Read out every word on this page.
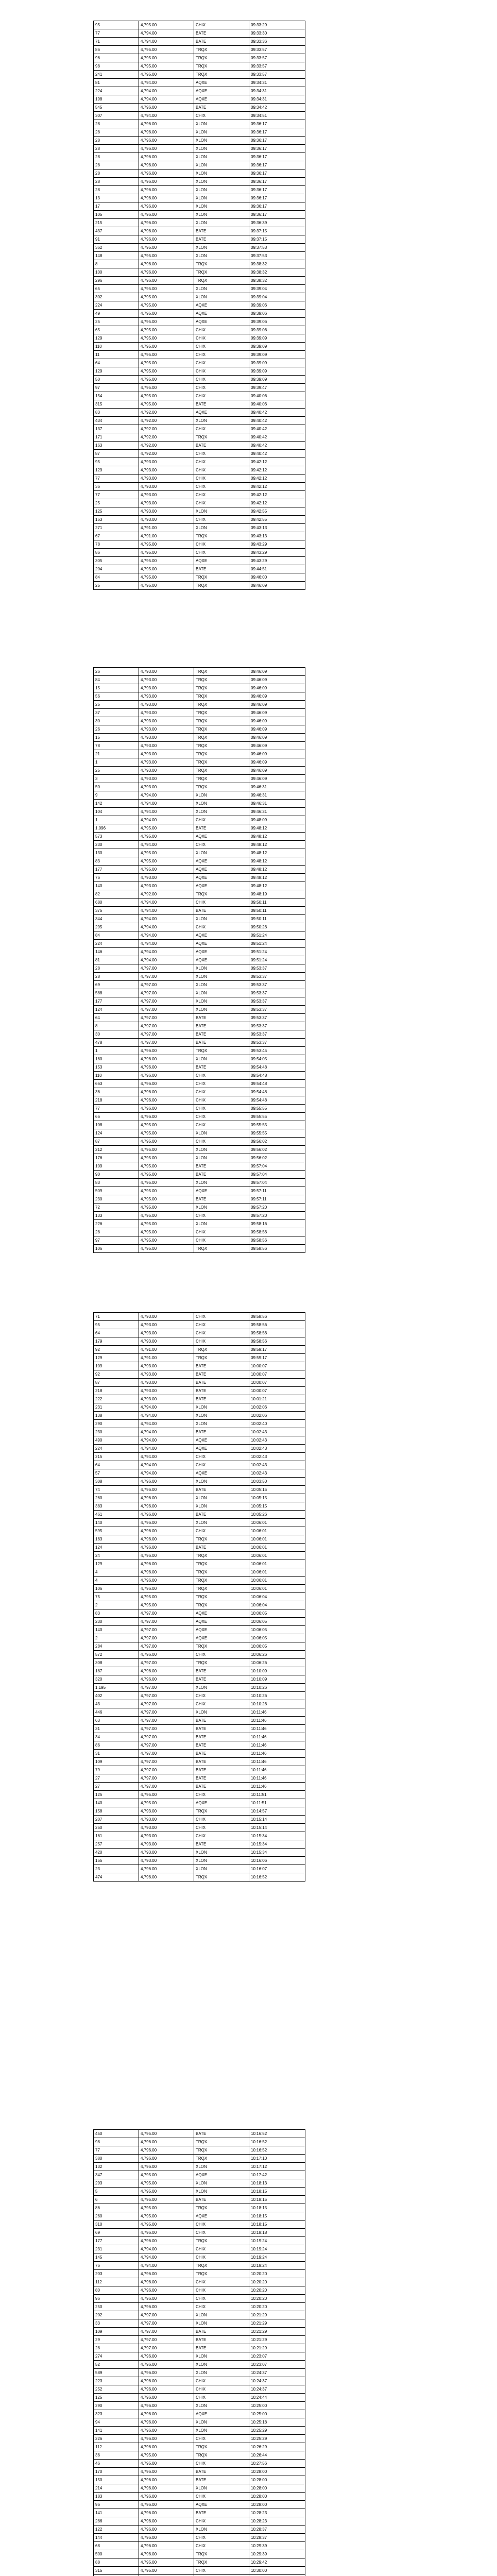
95	4,795.00	CHIX	09:33:29
77	4,794.00	BATE	09:33:30
71	4,794.00	BATE	09:33:36
86	4,795.00	TRQX	09:33:57
96	4,795.00	TRQX	09:33:57
98	4,795.00	TRQX	09:33:57
241	4,795.00	TRQX	09:33:57
81	4,794.00	AQXE	09:34:31
224	4,794.00	AQXE	09:34:31
198	4,794.00	AQXE	09:34:31
545	4,796.00	BATE	09:34:42
307	4,794.00	CHIX	09:34:51
28	4,796.00	XLON	09:36:17
28	4,796.00	XLON	09:36:17
28	4,796.00	XLON	09:36:17
28	4,796.00	XLON	09:36:17
28	4,796.00	XLON	09:36:17
28	4,796.00	XLON	09:36:17
28	4,796.00	XLON	09:36:17
28	4,796.00	XLON	09:36:17
28	4,796.00	XLON	09:36:17
13	4,796.00	XLON	09:36:17
17	4,796.00	XLON	09:36:17
105	4,796.00	XLON	09:36:17
215	4,796.00	XLON	09:36:39
437	4,796.00	BATE	09:37:15
91	4,796.00	BATE	09:37:15
362	4,795.00	XLON	09:37:53
148	4,795.00	XLON	09:37:53
8	4,796.00	TRQX	09:38:32
100	4,796.00	TRQX	09:38:32
296	4,796.00	TRQX	09:38:32
65	4,795.00	XLON	09:39:04
302	4,795.00	XLON	09:39:04
224	4,795.00	AQXE	09:39:06
49	4,795.00	AQXE	09:39:06
25	4,795.00	AQXE	09:39:06
65	4,795.00	CHIX	09:39:06
129	4,795.00	CHIX	09:39:09
110	4,795.00	CHIX	09:39:09
11	4,795.00	CHIX	09:39:09
64	4,795.00	CHIX	09:39:09
129	4,795.00	CHIX	09:39:09
50	4,795.00	CHIX	09:39:09
97	4,795.00	CHIX	09:39:47
154	4,795.00	CHIX	09:40:06
315	4,795.00	BATE	09:40:06
83	4,792.00	AQXE	09:40:42
434	4,792.00	XLON	09:40:42
137	4,792.00	CHIX	09:40:42
171	4,792.00	TRQX	09:40:42
163	4,792.00	BATE	09:40:42
87	4,792.00	CHIX	09:40:42
95	4,793.00	CHIX	09:42:12
129	4,793.00	CHIX	09:42:12
77	4,793.00	CHIX	09:42:12
36	4,793.00	CHIX	09:42:12
77	4,793.00	CHIX	09:42:12
25	4,793.00	CHIX	09:42:12
125	4,793.00	XLON	09:42:55
163	4,793.00	CHIX	09:42:55
271	4,791.00	XLON	09:43:13
67	4,791.00	TRQX	09:43:13
78	4,795.00	CHIX	09:43:29
86	4,795.00	CHIX	09:43:29
305	4,795.00	AQXE	09:43:29
204	4,795.00	BATE	09:44:51
84	4,795.00	TRQX	09:46:00
25	4,795.00	TRQX	09:46:09
26	4,793.00	TRQX	09:46:09
84	4,793.00	TRQX	09:46:09
15	4,793.00	TRQX	09:46:09
56	4,793.00	TRQX	09:46:09
25	4,793.00	TRQX	09:46:09
37	4,793.00	TRQX	09:46:09
30	4,793.00	TRQX	09:46:09
26	4,793.00	TRQX	09:46:09
15	4,793.00	TRQX	09:46:09
78	4,793.00	TRQX	09:46:09
21	4,793.00	TRQX	09:46:09
1	4,793.00	TRQX	09:46:09
25	4,793.00	TRQX	09:46:09
3	4,793.00	TRQX	09:46:09
50	4,793.00	TRQX	09:46:31
9	4,794.00	XLON	09:46:31
142	4,794.00	XLON	09:46:31
104	4,794.00	XLON	09:46:31
1	4,794.00	CHIX	09:48:09
1,096	4,795.00	BATE	09:48:12
573	4,795.00	AQXE	09:48:12
230	4,794.00	CHIX	09:48:12
130	4,795.00	XLON	09:48:12
83	4,795.00	AQXE	09:48:12
177	4,795.00	AQXE	09:48:12
76	4,793.00	AQXE	09:48:12
140	4,793.00	AQXE	09:48:12
82	4,792.00	TRQX	09:48:19
680	4,794.00	CHIX	09:50:11
375	4,794.00	BATE	09:50:11
344	4,794.00	XLON	09:50:11
295	4,794.00	CHIX	09:50:26
84	4,794.00	AQXE	09:51:24
224	4,794.00	AQXE	09:51:24
146	4,794.00	AQXE	09:51:24
81	4,794.00	AQXE	09:51:24
28	4,797.00	XLON	09:53:37
28	4,797.00	XLON	09:53:37
69	4,797.00	XLON	09:53:37
588	4,797.00	XLON	09:53:37
177	4,797.00	XLON	09:53:37
124	4,797.00	XLON	09:53:37
64	4,797.00	BATE	09:53:37
8	4,797.00	BATE	09:53:37
30	4,797.00	BATE	09:53:37
478	4,797.00	BATE	09:53:37
1	4,796.00	TRQX	09:53:45
160	4,796.00	XLON	09:54:05
153	4,796.00	BATE	09:54:48
110	4,796.00	CHIX	09:54:48
663	4,796.00	CHIX	09:54:48
36	4,796.00	CHIX	09:54:48
218	4,796.00	CHIX	09:54:48
77	4,796.00	CHIX	09:55:55
66	4,796.00	CHIX	09:55:55
108	4,795.00	CHIX	09:55:55
124	4,795.00	XLON	09:55:55
87	4,795.00	CHIX	09:56:02
212	4,795.00	XLON	09:56:02
176	4,795.00	XLON	09:56:02
109	4,795.00	BATE	09:57:04
90	4,795.00	BATE	09:57:04
83	4,795.00	XLON	09:57:04
509	4,795.00	AQXE	09:57:11
230	4,795.00	BATE	09:57:11
72	4,795.00	XLON	09:57:20
133	4,795.00	CHIX	09:57:20
226	4,795.00	XLON	09:58:16
28	4,795.00	CHIX	09:58:56
97	4,795.00	CHIX	09:58:56
106	4,795.00	TRQX	09:58:56
71	4,793.00	CHIX	09:58:56
95	4,793.00	CHIX	09:58:56
64	4,793.00	CHIX	09:58:56
179	4,793.00	CHIX	09:58:56
92	4,791.00	TRQX	09:59:17
129	4,791.00	TRQX	09:59:17
109	4,793.00	BATE	10:00:07
92	4,793.00	BATE	10:00:07
87	4,793.00	BATE	10:00:07
218	4,793.00	BATE	10:00:07
222	4,793.00	BATE	10:01:21
231	4,794.00	XLON	10:02:06
138	4,794.00	XLON	10:02:06
290	4,794.00	XLON	10:02:40
230	4,794.00	BATE	10:02:43
490	4,794.00	AQXE	10:02:43
224	4,794.00	AQXE	10:02:43
215	4,794.00	CHIX	10:02:43
64	4,794.00	CHIX	10:02:43
57	4,794.00	AQXE	10:02:43
308	4,796.00	XLON	10:03:50
74	4,796.00	BATE	10:05:15
260	4,796.00	XLON	10:05:15
383	4,796.00	XLON	10:05:15
461	4,796.00	BATE	10:05:26
140	4,796.00	XLON	10:06:01
595	4,796.00	CHIX	10:06:01
163	4,796.00	TRQX	10:06:01
124	4,796.00	BATE	10:06:01
24	4,796.00	TRQX	10:06:01
129	4,796.00	TRQX	10:06:01
4	4,796.00	TRQX	10:06:01
4	4,796.00	TRQX	10:06:01
106	4,796.00	TRQX	10:06:01
75	4,795.00	TRQX	10:06:04
2	4,795.00	TRQX	10:06:04
83	4,797.00	AQXE	10:06:05
230	4,797.00	AQXE	10:06:05
140	4,797.00	AQXE	10:06:05
2	4,797.00	AQXE	10:06:05
284	4,797.00	TRQX	10:06:05
572	4,796.00	CHIX	10:06:26
308	4,797.00	TRQX	10:06:26
187	4,796.00	BATE	10:10:09
320	4,796.00	BATE	10:10:09
1,195	4,797.00	XLON	10:10:26
402	4,797.00	CHIX	10:10:26
43	4,797.00	CHIX	10:10:26
446	4,797.00	XLON	10:11:46
63	4,797.00	BATE	10:11:46
31	4,797.00	BATE	10:11:46
34	4,797.00	BATE	10:11:46
86	4,797.00	BATE	10:11:46
31	4,797.00	BATE	10:11:46
109	4,797.00	BATE	10:11:46
79	4,797.00	BATE	10:11:46
27	4,797.00	BATE	10:11:46
27	4,797.00	BATE	10:11:46
125	4,795.00	CHIX	10:11:51
140	4,795.00	AQXE	10:11:51
158	4,793.00	TRQX	10:14:57
207	4,793.00	CHIX	10:15:14
260	4,793.00	CHIX	10:15:14
161	4,793.00	CHIX	10:15:34
257	4,793.00	BATE	10:15:34
420	4,793.00	XLON	10:15:34
165	4,793.00	XLON	10:16:06
23	4,796.00	XLON	10:16:07
474	4,796.00	TRQX	10:16:52
450	4,795.00	BATE	10:16:52
98	4,796.00	TRQX	10:16:52
77	4,796.00	TRQX	10:16:52
380	4,796.00	TRQX	10:17:10
132	4,796.00	XLON	10:17:12
347	4,795.00	AQXE	10:17:42
293	4,795.00	XLON	10:18:13
5	4,795.00	XLON	10:18:15
6	4,795.00	BATE	10:18:15
86	4,795.00	TRQX	10:18:15
260	4,795.00	AQXE	10:18:15
310	4,795.00	CHIX	10:18:15
69	4,796.00	CHIX	10:18:18
177	4,796.00	TRQX	10:19:24
231	4,794.00	CHIX	10:19:24
145	4,794.00	CHIX	10:19:24
76	4,794.00	TRQX	10:19:24
203	4,796.00	TRQX	10:20:20
112	4,796.00	CHIX	10:20:20
80	4,796.00	CHIX	10:20:20
96	4,796.00	CHIX	10:20:20
250	4,796.00	CHIX	10:20:20
202	4,797.00	XLON	10:21:29
33	4,797.00	XLON	10:21:29
109	4,797.00	BATE	10:21:29
29	4,797.00	BATE	10:21:29
28	4,797.00	BATE	10:21:29
274	4,796.00	XLON	10:23:07
52	4,796.00	XLON	10:23:07
589	4,796.00	XLON	10:24:37
223	4,796.00	CHIX	10:24:37
252	4,796.00	CHIX	10:24:37
125	4,796.00	CHIX	10:24:44
290	4,796.00	XLON	10:25:00
323	4,796.00	AQXE	10:25:00
94	4,796.00	XLON	10:25:18
141	4,796.00	XLON	10:25:29
226	4,796.00	CHIX	10:25:29
112	4,796.00	TRQX	10:26:29
36	4,795.00	TRQX	10:26:44
46	4,795.00	CHIX	10:27:56
170	4,796.00	BATE	10:28:00
150	4,796.00	BATE	10:28:00
214	4,796.00	XLON	10:28:00
183	4,796.00	CHIX	10:28:00
96	4,796.00	AQXE	10:28:00
141	4,796.00	BATE	10:28:23
286	4,796.00	CHIX	10:28:23
122	4,796.00	XLON	10:28:37
144	4,796.00	CHIX	10:28:37
68	4,796.00	CHIX	10:29:39
500	4,796.00	TRQX	10:29:39
88	4,795.00	TRQX	10:29:42
315	4,795.00	CHIX	10:30:00
